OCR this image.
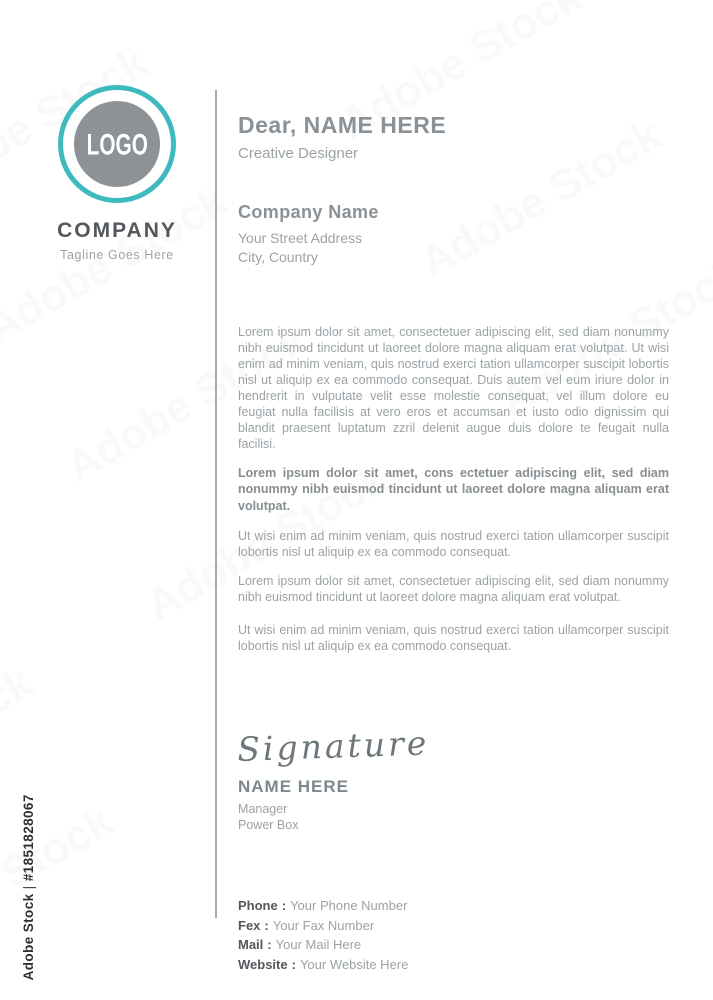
Adobe Stock | #1851828067

LOGO
COMPANY
Tagline Goes Here
Dear, NAME HERE
Creative Designer
Company Name
Your Street Address
City, Country

Lorem ipsum dolor sit amet, consectetuer adipiscing elit, sed diam nonummy nibh euismod tincidunt ut laoreet dolore magna aliquam erat volutpat. Ut wisi enim ad minim veniam, quis nostrud exerci tation ullamcorper suscipit lobortis nisl ut aliquip ex ea commodo consequat. Duis autem vel eum iriure dolor in hendrerit in vulputate velit esse molestie consequat, vel illum dolore eu feugiat nulla facilisis at vero eros et accumsan et iusto odio dignissim qui blandit praesent luptatum zzril delenit augue duis dolore te feugait nulla facilisi.

Lorem ipsum dolor sit amet, cons ectetuer adipiscing elit, sed diam nonummy nibh euismod tincidunt ut laoreet dolore magna aliquam erat volutpat.

Ut wisi enim ad minim veniam, quis nostrud exerci tation ullamcorper suscipit lobortis nisl ut aliquip ex ea commodo consequat.

Lorem ipsum dolor sit amet, consectetuer adipiscing elit, sed diam nonummy nibh euismod tincidunt ut laoreet dolore magna aliquam erat volutpat.

Ut wisi enim ad minim veniam, quis nostrud exerci tation ullamcorper suscipit lobortis nisl ut aliquip ex ea commodo consequat.

Signature
NAME HERE
Manager
Power Box
Phone : Your Phone Number
Fex : Your Fax Number
Mail : Your Mail Here
Website : Your Website Here
